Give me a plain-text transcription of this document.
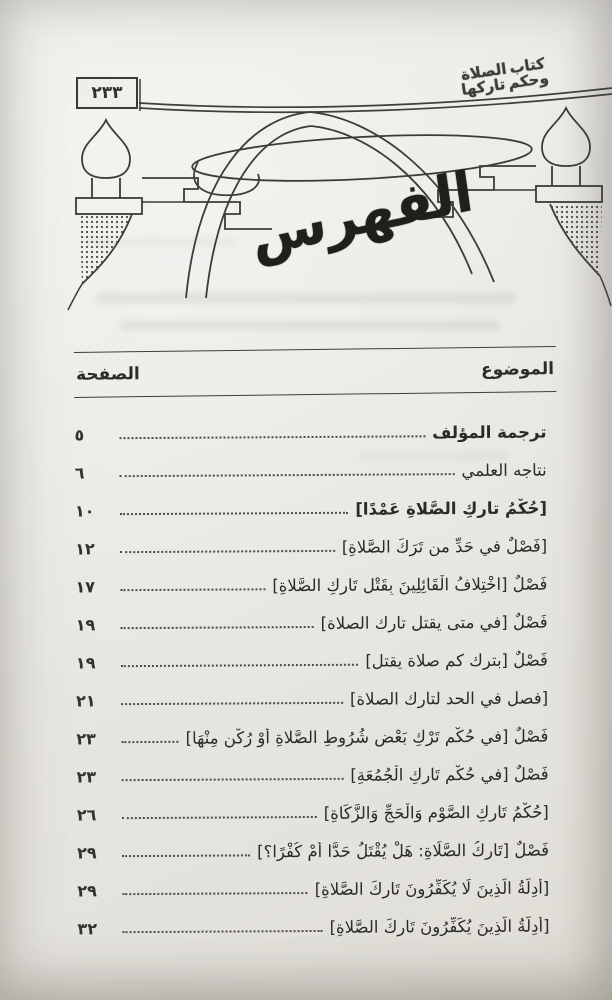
٢٣٣
كتاب الصلاة وحكم تاركها
الفهرس
الموضوع
الصفحة
ترجمة المؤلف
٥
نتاجه العلمي
٦
[حُكْمُ تارِكِ الصَّلاةِ عَمْدًا]
١٠
[فَصْلٌ في حَدِّ من تَرَكَ الصَّلاةِ]
١٢
فَصْلٌ [اخْتِلافُ الْقَائِلِينَ بِقَتْلِ تَارِكِ الصَّلاةِ]
١٧
فَصْلٌ [في متى يقتل تارك الصلاة]
١٩
فَصْلٌ [بترك كم صلاة يقتل]
١٩
[فصل في الحد لتارك الصلاة]
٢١
فَصْلٌ [في حُكْمِ تَرْكِ بَعْضِ شُرُوطِ الصَّلاةِ أَوْ رُكْنٍ مِنْهَا]
٢٣
فَصْلٌ [في حُكْمِ تَارِكِ الْجُمُعَةِ]
٢٣
[حُكْمُ تَارِكِ الصَّوْمِ وَالْحَجِّ وَالزَّكَاةِ]
٢٦
فَصْلٌ [تَارِكُ الصَّلَاةِ: هَلْ يُقْتَلُ حَدًّا أَمْ كُفْرًا؟]
٢٩
[أَدِلَّةُ الَّذِينَ لَا يُكَفِّرُونَ تَارِكَ الصَّلاةِ]
٢٩
[أَدِلَّةُ الَّذِينَ يُكَفِّرُونَ تَارِكَ الصَّلاةِ]
٣٢
